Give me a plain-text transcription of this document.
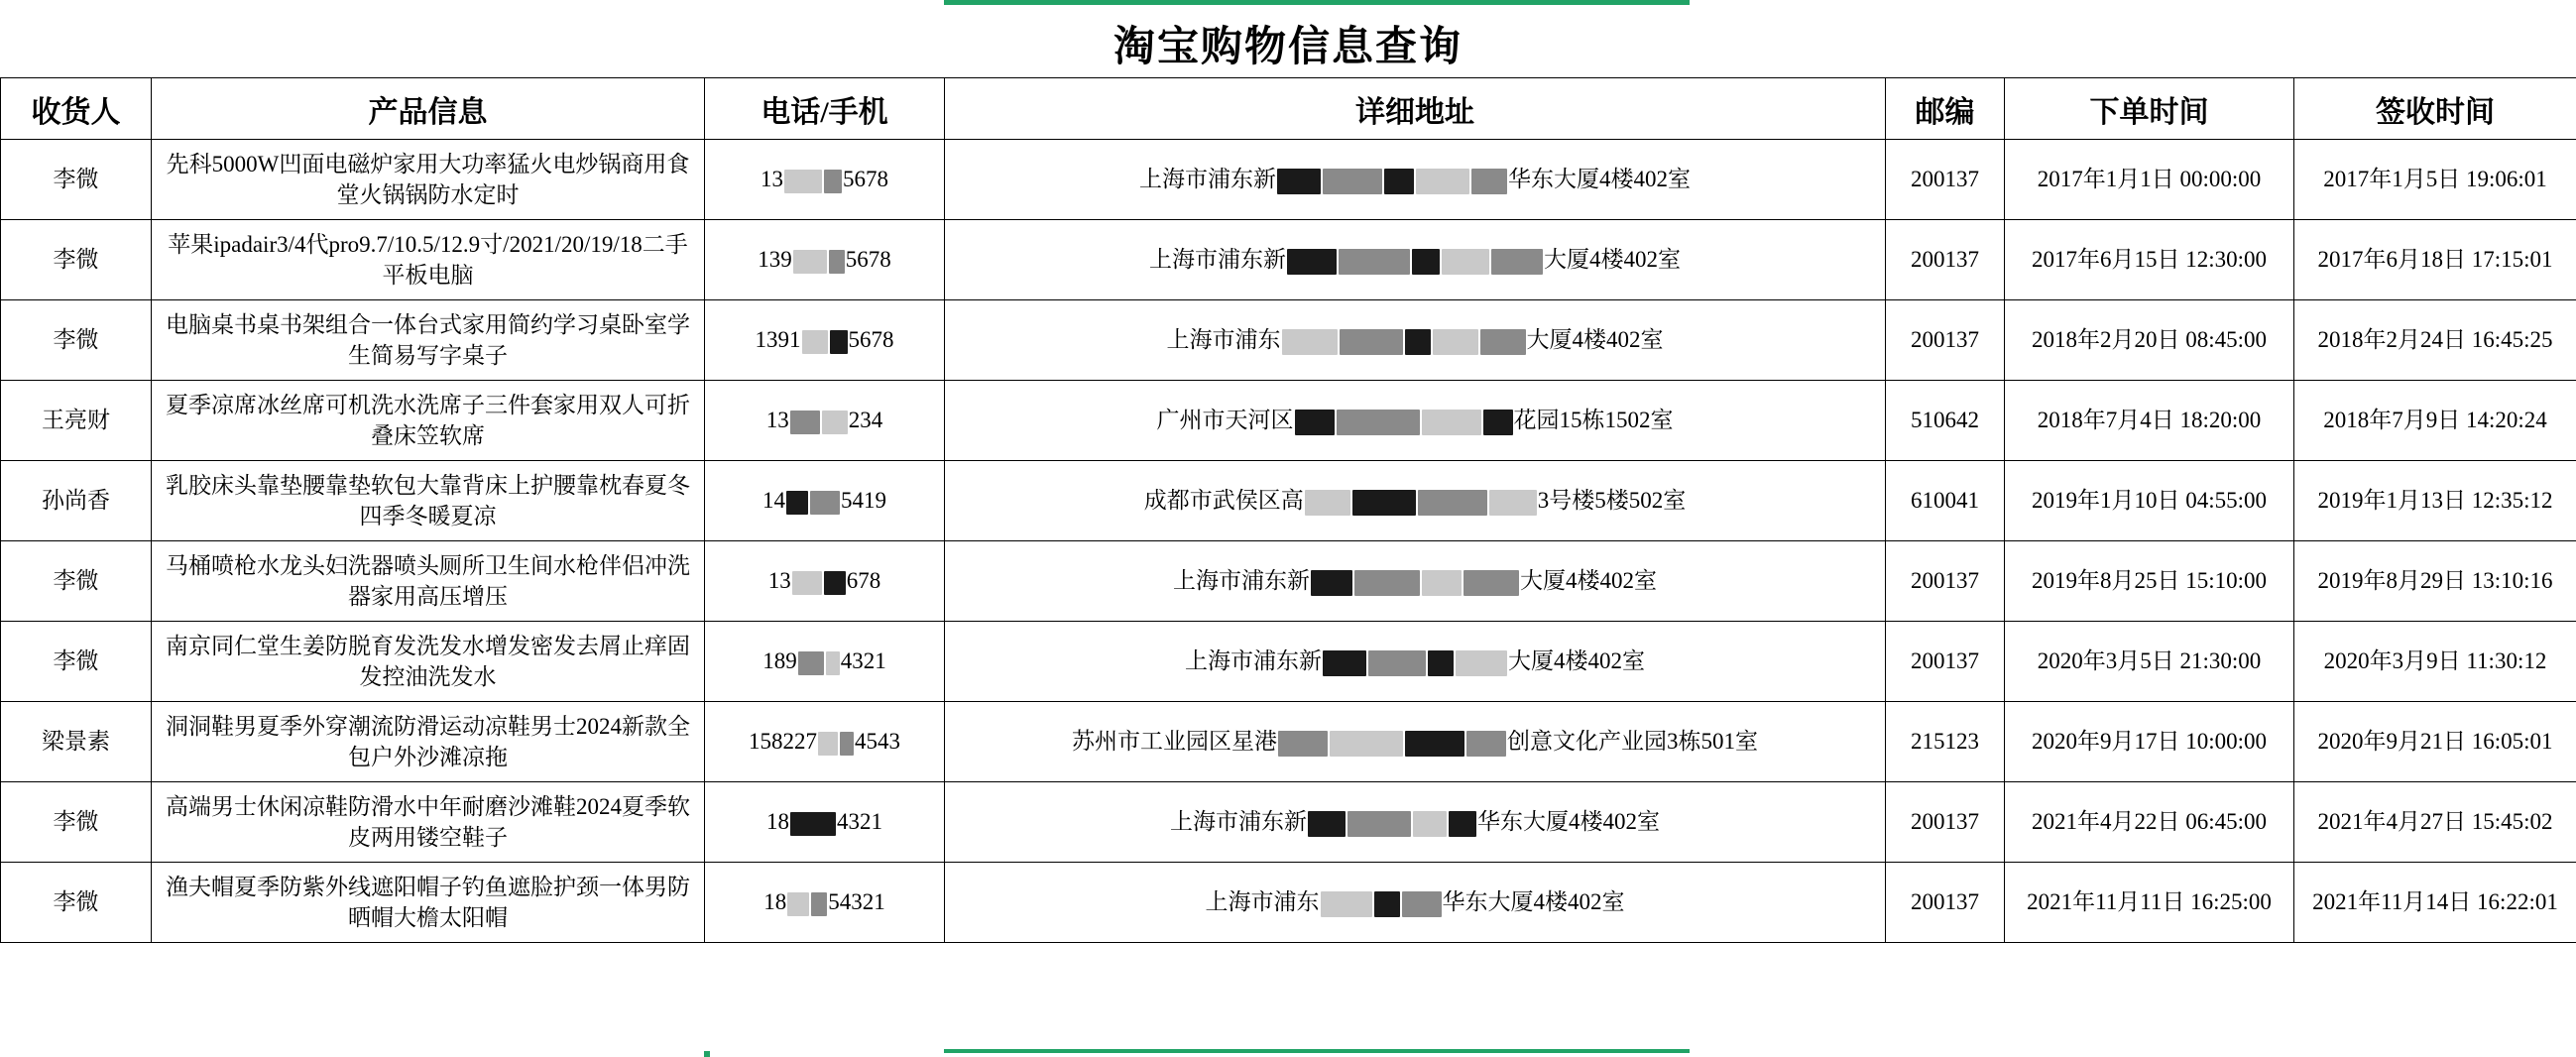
淘宝购物信息查询
收货人	产品信息	电话/手机	详细地址	邮编	下单时间	签收时间
李微	先科5000W凹面电磁炉家用大功率猛火电炒锅商用食堂火锅锅防水定时	13 5678	上海市浦东新 华东大厦4楼402室	200137	2017年1月1日 00:00:00	2017年1月5日 19:06:01
李微	苹果ipadair3/4代pro9.7/10.5/12.9寸/2021/20/19/18二手平板电脑	139 5678	上海市浦东新 大厦4楼402室	200137	2017年6月15日 12:30:00	2017年6月18日 17:15:01
李微	电脑桌书桌书架组合一体台式家用简约学习桌卧室学生简易写字桌子	1391 5678	上海市浦东 大厦4楼402室	200137	2018年2月20日 08:45:00	2018年2月24日 16:45:25
王亮财	夏季凉席冰丝席可机洗水洗席子三件套家用双人可折叠床笠软席	13 234	广州市天河区 花园15栋1502室	510642	2018年7月4日 18:20:00	2018年7月9日 14:20:24
孙尚香	乳胶床头靠垫腰靠垫软包大靠背床上护腰靠枕春夏冬四季冬暖夏凉	14 5419	成都市武侯区高 3号楼5楼502室	610041	2019年1月10日 04:55:00	2019年1月13日 12:35:12
李微	马桶喷枪水龙头妇洗器喷头厕所卫生间水枪伴侣冲洗器家用高压增压	13 678	上海市浦东新 大厦4楼402室	200137	2019年8月25日 15:10:00	2019年8月29日 13:10:16
李微	南京同仁堂生姜防脱育发洗发水增发密发去屑止痒固发控油洗发水	189 4321	上海市浦东新 大厦4楼402室	200137	2020年3月5日 21:30:00	2020年3月9日 11:30:12
梁景素	洞洞鞋男夏季外穿潮流防滑运动凉鞋男士2024新款全包户外沙滩凉拖	158227 4543	苏州市工业园区星港 创意文化产业园3栋501室	215123	2020年9月17日 10:00:00	2020年9月21日 16:05:01
李微	高端男士休闲凉鞋防滑水中年耐磨沙滩鞋2024夏季软皮两用镂空鞋子	18 4321	上海市浦东新 华东大厦4楼402室	200137	2021年4月22日 06:45:00	2021年4月27日 15:45:02
李微	渔夫帽夏季防紫外线遮阳帽子钓鱼遮脸护颈一体男防晒帽大檐太阳帽	18 54321	上海市浦东 华东大厦4楼402室	200137	2021年11月11日 16:25:00	2021年11月14日 16:22:01
